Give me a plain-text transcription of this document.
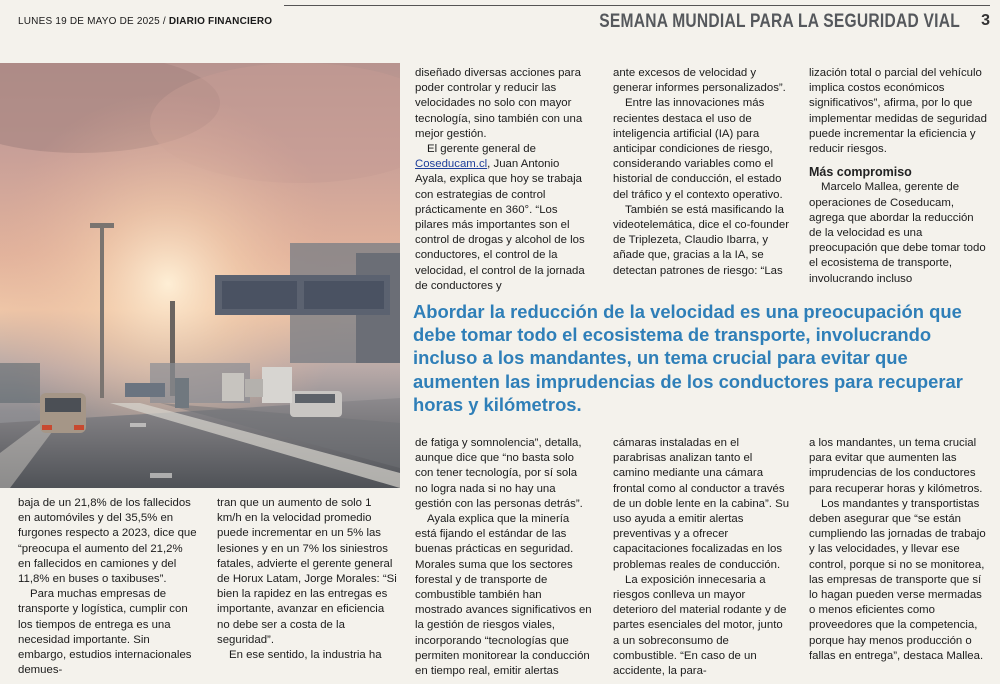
LUNES 19 DE MAYO DE 2025 / DIARIO FINANCIERO	SEMANA MUNDIAL PARA LA SEGURIDAD VIAL 3

diseñado diversas acciones para poder controlar y reducir las velocidades no solo con mayor tecnología, sino también con una mejor gestión.

El gerente general de Coseducam.cl, Juan Antonio Ayala, explica que hoy se trabaja con estrategias de control prácticamente en 360°. “Los pilares más importantes son el control de drogas y alcohol de los conductores, el control de la velocidad, el control de la jornada de conductores y

ante excesos de velocidad y generar informes personalizados”.

Entre las innovaciones más recientes destaca el uso de inteligencia artificial (IA) para anticipar condiciones de riesgo, considerando variables como el historial de conducción, el estado del tráfico y el contexto operativo.

También se está masificando la videotelemática, dice el co-founder de Triplezeta, Claudio Ibarra, y añade que, gracias a la IA, se detectan patrones de riesgo: “Las

lización total o parcial del vehículo implica costos económicos significativos”, afirma, por lo que implementar medidas de seguridad puede incrementar la eficiencia y reducir riesgos.

Más compromiso

Marcelo Mallea, gerente de operaciones de Coseducam, agrega que abordar la reducción de la velocidad es una preocupación que debe tomar todo el ecosistema de transporte, involucrando incluso

Abordar la reducción de la velocidad es una preocupación que debe tomar todo el ecosistema de transporte, involucrando incluso a los mandantes, un tema crucial para evitar que aumenten las imprudencias de los conductores para recuperar horas y kilómetros.

baja de un 21,8% de los fallecidos en automóviles y del 35,5% en furgones respecto a 2023, dice que “preocupa el aumento del 21,2% en fallecidos en camiones y del 11,8% en buses o taxibuses”.

Para muchas empresas de transporte y logística, cumplir con los tiempos de entrega es una necesidad importante. Sin embargo, estudios internacionales demues-

tran que un aumento de solo 1 km/h en la velocidad promedio puede incrementar en un 5% las lesiones y en un 7% los siniestros fatales, advierte el gerente general de Horux Latam, Jorge Morales: “Si bien la rapidez en las entregas es importante, avanzar en eficiencia no debe ser a costa de la seguridad”.

En ese sentido, la industria ha

de fatiga y somnolencia”, detalla, aunque dice que “no basta solo con tener tecnología, por sí sola no logra nada si no hay una gestión con las personas detrás”.

Ayala explica que la minería está fijando el estándar de las buenas prácticas en seguridad. Morales suma que los sectores forestal y de transporte de combustible también han mostrado avances significativos en la gestión de riesgos viales, incorporando “tecnologías que permiten monitorear la conducción en tiempo real, emitir alertas

cámaras instaladas en el parabrisas analizan tanto el camino mediante una cámara frontal como al conductor a través de un doble lente en la cabina”. Su uso ayuda a emitir alertas preventivas y a ofrecer capacitaciones focalizadas en los problemas reales de conducción.

La exposición innecesaria a riesgos conlleva un mayor deterioro del material rodante y de partes esenciales del motor, junto a un sobreconsumo de combustible. “En caso de un accidente, la para-

a los mandantes, un tema crucial para evitar que aumenten las imprudencias de los conductores para recuperar horas y kilómetros.

Los mandantes y transportistas deben asegurar que “se están cumpliendo las jornadas de trabajo y las velocidades, y llevar ese control, porque si no se monitorea, las empresas de transporte que sí lo hagan pueden verse mermadas o menos eficientes como proveedores que la competencia, porque hay menos producción o fallas en entrega”, destaca Mallea.
